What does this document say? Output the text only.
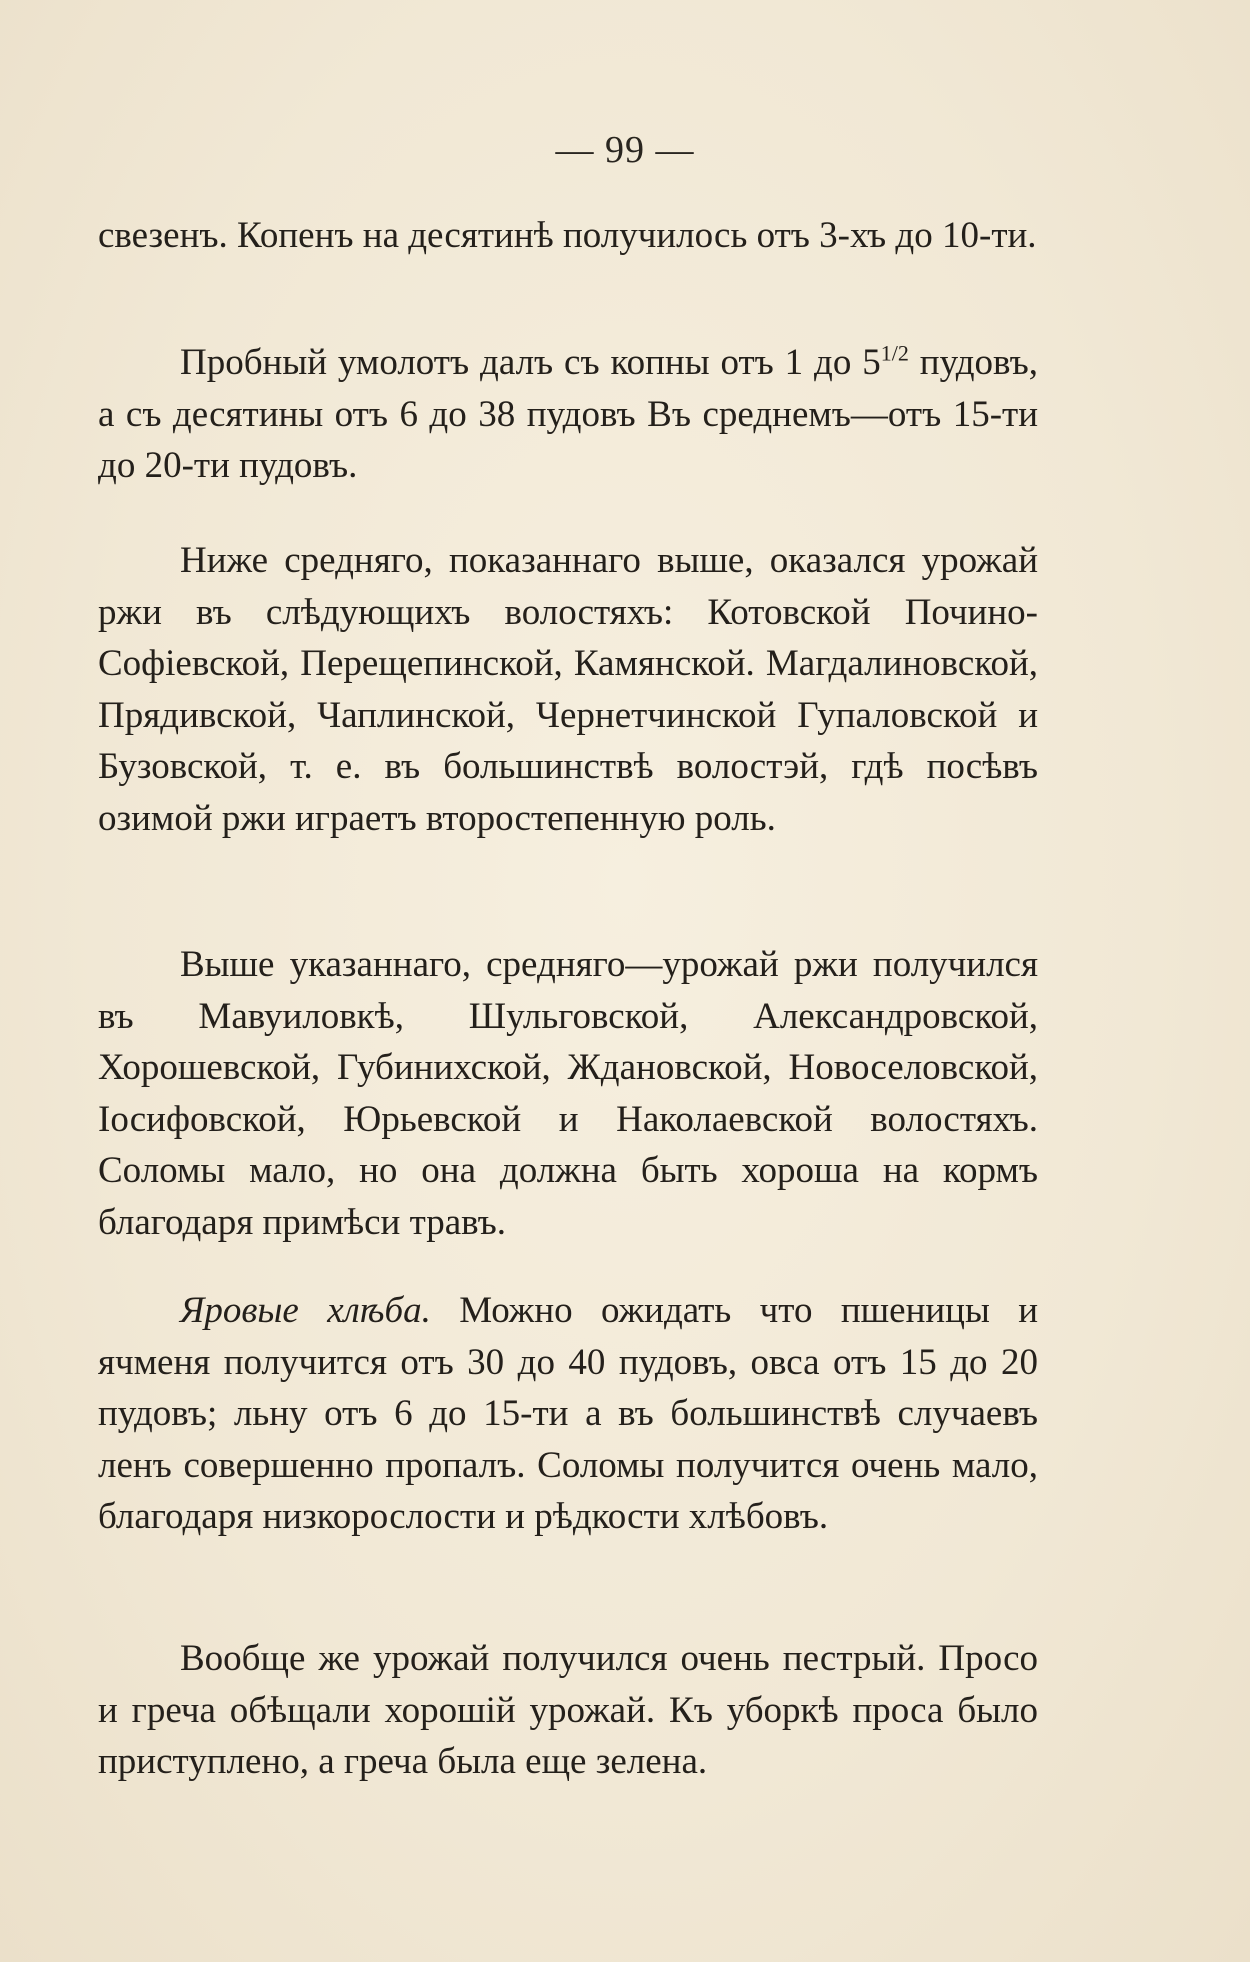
— 99 —

свезенъ. Копенъ на десятинѣ получилось отъ 3-хъ до 10-ти.

Пробный умолотъ далъ съ копны отъ 1 до $5^{1/2}$ пудовъ, а съ десятины отъ 6 до 38 пудовъ Въ среднемъ—отъ 15-ти до 20-ти пудовъ.

Ниже средняго, показаннаго выше, оказался урожай ржи въ слѣдующихъ волостяхъ: Котовской Почино-Софіевской, Перещепинской, Камянской. Магдалиновской, Прядивской, Чаплинской, Чернетчинской Гупаловской и Бузовской, т. е. въ большинствѣ волостэй, гдѣ посѣвъ озимой ржи играетъ второстепенную роль.

Выше указаннаго, средняго—урожай ржи получился въ Мавуиловкѣ, Шульговской, Александровской, Хорошевской, Губинихской, Ждановской, Новоселовской, Іосифовской, Юрьевской и Наколаевской волостяхъ. Соломы мало, но она должна быть хороша на кормъ благодаря примѣси травъ.

Яровые хлѣба. Можно ожидать что пшеницы и ячменя получится отъ 30 до 40 пудовъ, овса отъ 15 до 20 пудовъ; льну отъ 6 до 15-ти а въ большинствѣ случаевъ ленъ совершенно пропалъ. Соломы получится очень мало, благодаря низкорослости и рѣдкости хлѣбовъ.

Вообще же урожай получился очень пестрый. Просо и греча обѣщали хорошій урожай. Къ уборкѣ проса было приступлено, а греча была еще зелена.
